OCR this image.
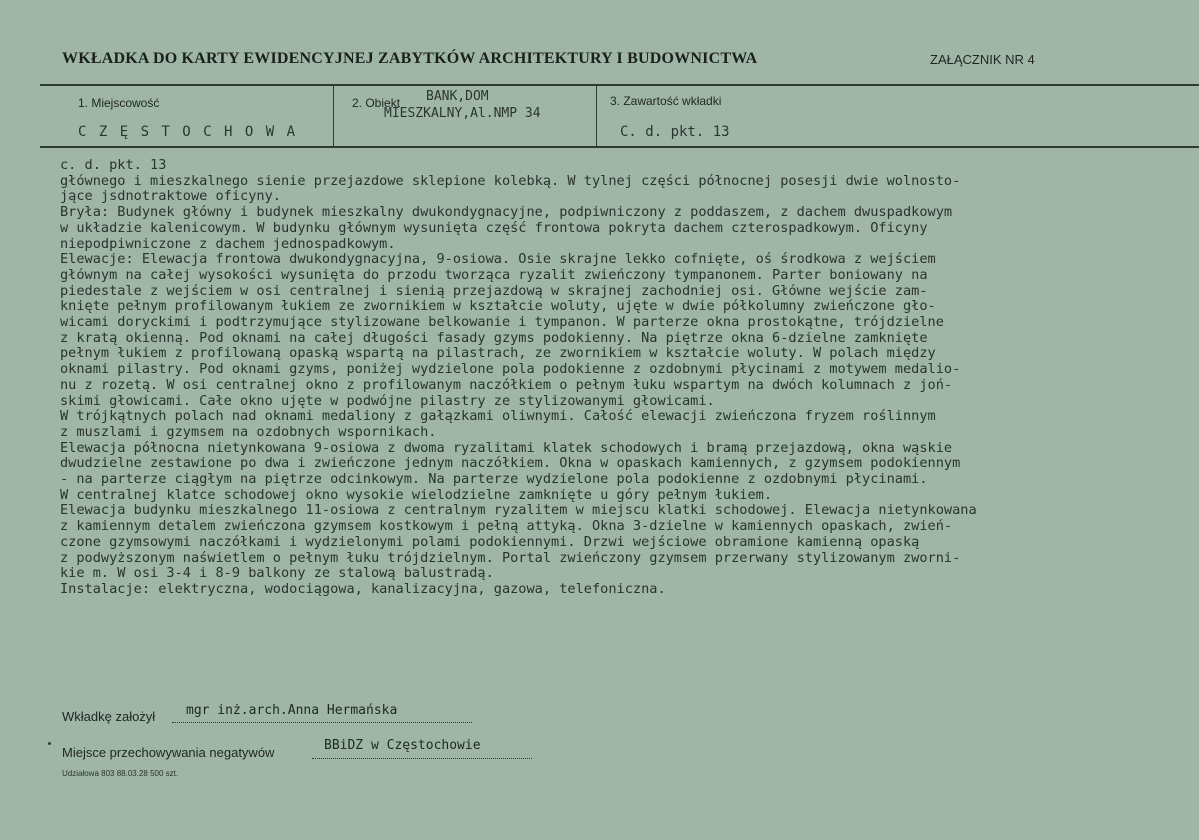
WKŁADKA DO KARTY EWIDENCYJNEJ ZABYTKÓW ARCHITEKTURY I BUDOWNICTWA	ZAŁĄCZNIK NR 4
1. Miejscowość
C Z Ę S T O C H O W A
2. Obiekt BANK,DOM
MIESZKALNY,Al.NMP 34
3. Zawartość wkładki
C. d. pkt. 13
c. d. pkt. 13
głównego i mieszkalnego sienie przejazdowe sklepione kolebką. W tylnej części północnej posesji dwie wolnosto-
jące jsdnotraktowe oficyny.
Bryła: Budynek główny i budynek mieszkalny dwukondygnacyjne, podpiwniczony z poddaszem, z dachem dwuspadkowym
w układzie kalenicowym. W budynku głównym wysunięta część frontowa pokryta dachem czterospadkowym. Oficyny
niepodpiwniczone z dachem jednospadkowym.
Elewacje: Elewacja frontowa dwukondygnacyjna, 9-osiowa. Osie skrajne lekko cofnięte, oś środkowa z wejściem
głównym na całej wysokości wysunięta do przodu tworząca ryzalit zwieńczony tympanonem. Parter boniowany na
piedestale z wejściem w osi centralnej i sienią przejazdową w skrajnej zachodniej osi. Główne wejście zam-
knięte pełnym profilowanym łukiem ze zwornikiem w kształcie woluty, ujęte w dwie półkolumny zwieńczone gło-
wicami doryckimi i podtrzymujące stylizowane belkowanie i tympanon. W parterze okna prostokątne, trójdzielne
z kratą okienną. Pod oknami na całej długości fasady gzyms podokienny. Na piętrze okna 6-dzielne zamknięte
pełnym łukiem z profilowaną opaską wspartą na pilastrach, ze zwornikiem w kształcie woluty. W polach między
oknami pilastry. Pod oknami gzyms, poniżej wydzielone pola podokienne z ozdobnymi płycinami z motywem medalio-
nu z rozetą. W osi centralnej okno z profilowanym naczółkiem o pełnym łuku wspartym na dwóch kolumnach z joń-
skimi głowicami. Całe okno ujęte w podwójne pilastry ze stylizowanymi głowicami.
W trójkątnych polach nad oknami medaliony z gałązkami oliwnymi. Całość elewacji zwieńczona fryzem roślinnym
z muszlami i gzymsem na ozdobnych wspornikach.
Elewacja północna nietynkowana 9-osiowa z dwoma ryzalitami klatek schodowych i bramą przejazdową, okna wąskie
dwudzielne zestawione po dwa i zwieńczone jednym naczółkiem. Okna w opaskach kamiennych, z gzymsem podokiennym
- na parterze ciągłym na piętrze odcinkowym. Na parterze wydzielone pola podokienne z ozdobnymi płycinami.
W centralnej klatce schodowej okno wysokie wielodzielne zamknięte u góry pełnym łukiem.
Elewacja budynku mieszkalnego 11-osiowa z centralnym ryzalitem w miejscu klatki schodowej. Elewacja nietynkowana
z kamiennym detalem zwieńczona gzymsem kostkowym i pełną attyką. Okna 3-dzielne w kamiennych opaskach, zwień-
czone gzymsowymi naczółkami i wydzielonymi polami podokiennymi. Drzwi wejściowe obramione kamienną opaską
z podwyższonym naświetlem o pełnym łuku trójdzielnym. Portal zwieńczony gzymsem przerwany stylizowanym zworni-
kie m. W osi 3-4 i 8-9 balkony ze stalową balustradą.
Instalacje: elektryczna, wodociągowa, kanalizacyjna, gazowa, telefoniczna.
Wkładkę założył mgr inż.arch.Anna Hermańska
Miejsce przechowywania negatywów	BBiDZ w Częstochowie
Udziałowa 803 88.03.28 500 szt.
